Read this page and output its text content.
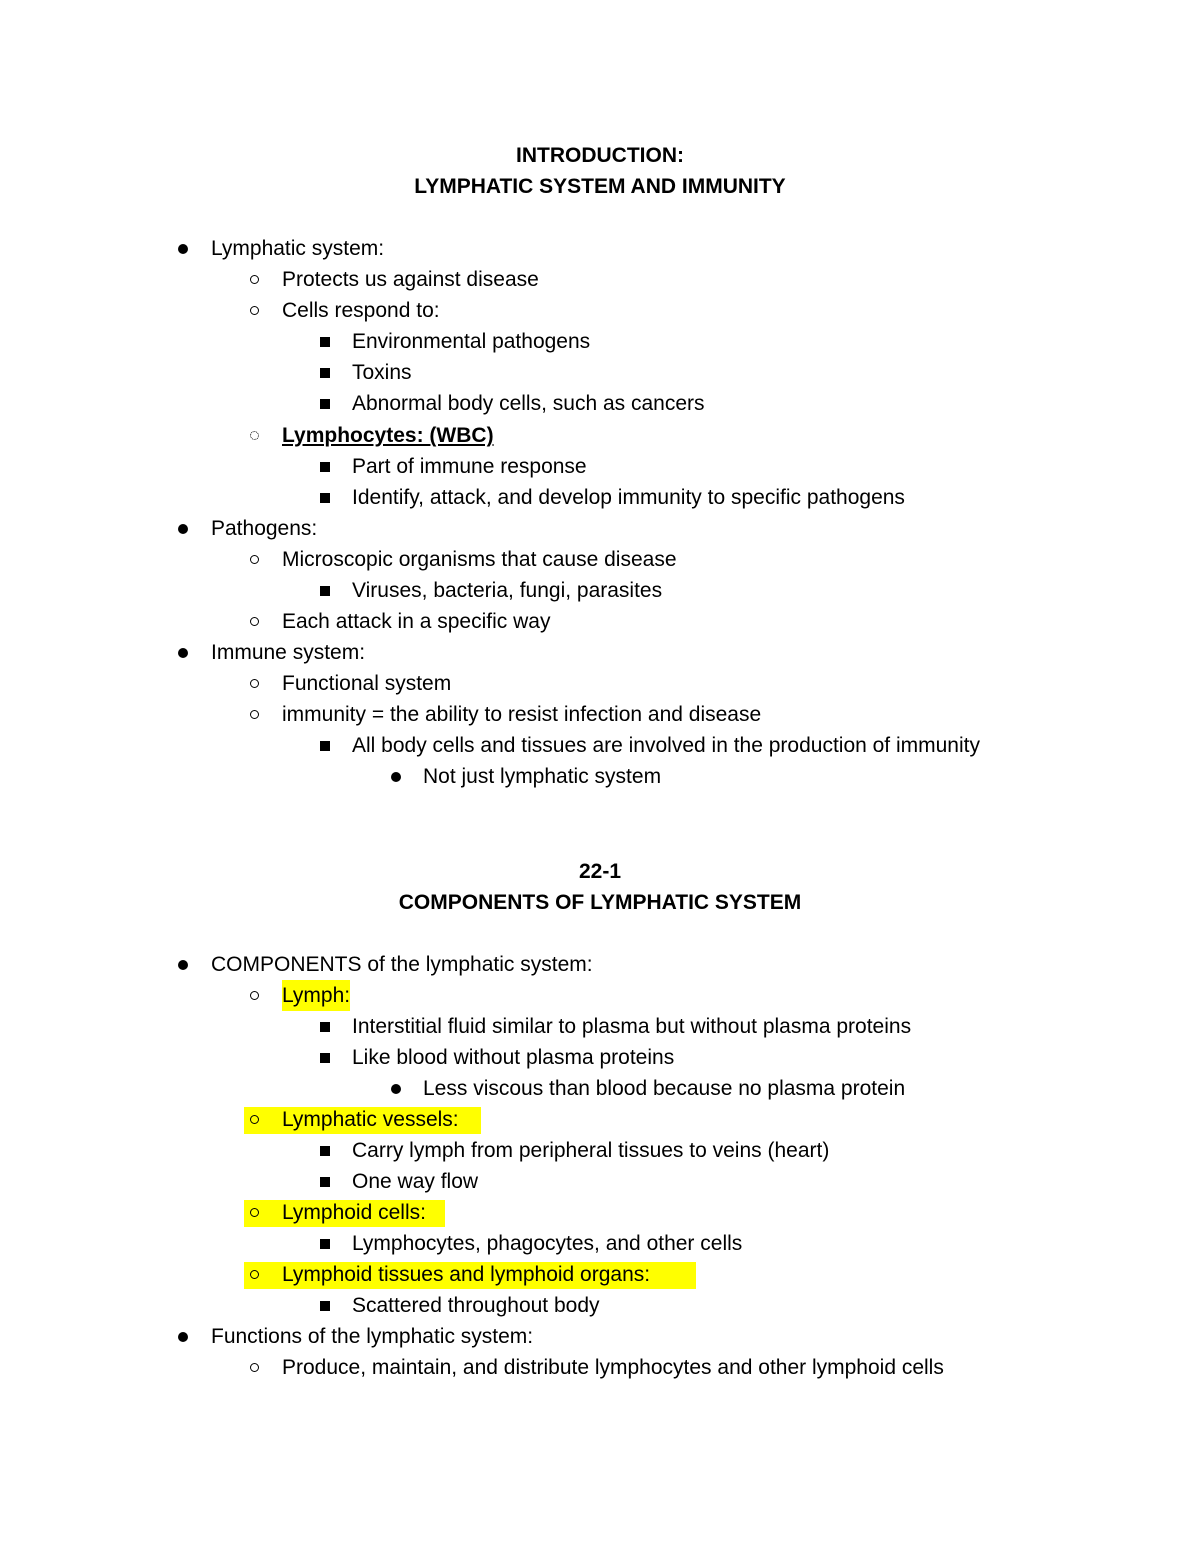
INTRODUCTION:
LYMPHATIC SYSTEM AND IMMUNITY
Lymphatic system:
Protects us against disease
Cells respond to:
Environmental pathogens
Toxins
Abnormal body cells, such as cancers
Lymphocytes: (WBC)
Part of immune response
Identify, attack, and develop immunity to specific pathogens
Pathogens:
Microscopic organisms that cause disease
Viruses, bacteria, fungi, parasites
Each attack in a specific way
Immune system:
Functional system
immunity = the ability to resist infection and disease
All body cells and tissues are involved in the production of immunity
Not just lymphatic system
22-1
COMPONENTS OF LYMPHATIC SYSTEM
COMPONENTS of the lymphatic system:
Lymph:
Interstitial fluid similar to plasma but without plasma proteins
Like blood without plasma proteins
Less viscous than blood because no plasma protein
Lymphatic vessels:
Carry lymph from peripheral tissues to veins (heart)
One way flow
Lymphoid cells:
Lymphocytes, phagocytes, and other cells
Lymphoid tissues and lymphoid organs:
Scattered throughout body
Functions of the lymphatic system:
Produce, maintain, and distribute lymphocytes and other lymphoid cells
